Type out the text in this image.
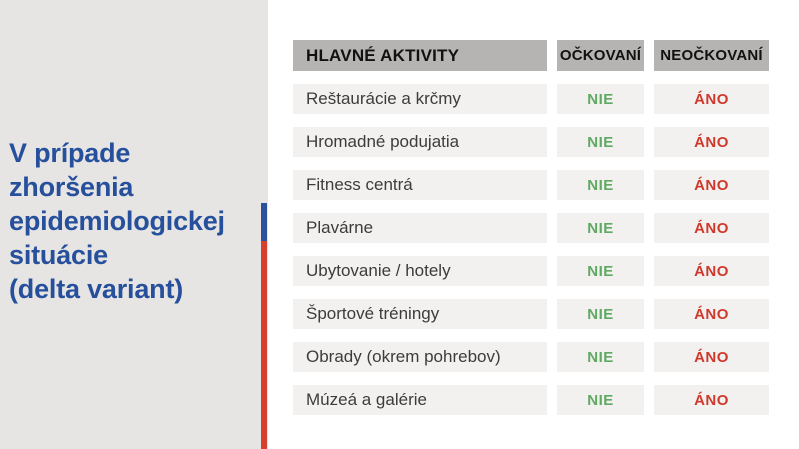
V prípade
zhoršenia
epidemiologickej
situácie
(delta variant)
HLAVNÉ AKTIVITY	OČKOVANÍ	NEOČKOVANÍ
Reštaurácie a krčmy	NIE	ÁNO
Hromadné podujatia	NIE	ÁNO
Fitness centrá	NIE	ÁNO
Plavárne	NIE	ÁNO
Ubytovanie / hotely	NIE	ÁNO
Športové tréningy	NIE	ÁNO
Obrady (okrem pohrebov)	NIE	ÁNO
Múzeá a galérie	NIE	ÁNO
